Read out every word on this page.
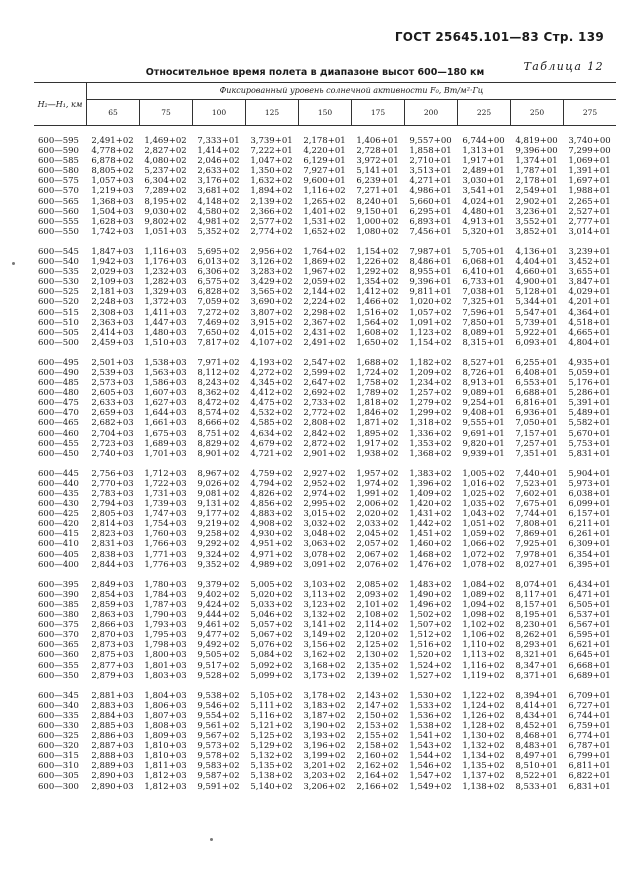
ГОСТ 25645.101—83 Стр. 139
Таблица 12
Относительное время полета в диапазоне высот 600—180 км
H₂—H₁, км
Фиксированный уровень солнечной активности F₀, Вт/м²·Гц
65	75	100	125	150	175	200	225	250	275
600—595	2,491+02	1,469+02	7,333+01	3,739+01	2,178+01	1,406+01	9,557+00	6,744+00	4,819+00	3,740+00
600—590	4,778+02	2,827+02	1,414+02	7,222+01	4,220+01	2,728+01	1,858+01	1,313+01	9,396+00	7,299+00
600—585	6,878+02	4,080+02	2,046+02	1,047+02	6,129+01	3,972+01	2,710+01	1,917+01	1,374+01	1,069+01
600—580	8,805+02	5,237+02	2,633+02	1,350+02	7,927+01	5,141+01	3,513+01	2,489+01	1,787+01	1,391+01
600—575	1,057+03	6,304+02	3,176+02	1,632+02	9,600+01	6,239+01	4,271+01	3,030+01	2,178+01	1,697+01
600—570	1,219+03	7,289+02	3,681+02	1,894+02	1,116+02	7,271+01	4,986+01	3,541+01	2,549+01	1,988+01
600—565	1,368+03	8,195+02	4,148+02	2,139+02	1,265+02	8,240+01	5,660+01	4,024+01	2,902+01	2,265+01
600—560	1,504+03	9,030+02	4,580+02	2,366+02	1,401+02	9,150+01	6,295+01	4,480+01	3,236+01	2,527+01
600—555	1,628+03	9,802+02	4,981+02	2,577+02	1,531+02	1,000+02	6,893+01	4,913+01	3,552+01	2,777+01
600—550	1,742+03	1,051+03	5,352+02	2,774+02	1,652+02	1,080+02	7,456+01	5,320+01	3,852+01	3,014+01
600—545	1,847+03	1,116+03	5,695+02	2,956+02	1,764+02	1,154+02	7,987+01	5,705+01	4,136+01	3,239+01
600—540	1,942+03	1,176+03	6,013+02	3,126+02	1,869+02	1,226+02	8,486+01	6,068+01	4,404+01	3,452+01
600—535	2,029+03	1,232+03	6,306+02	3,283+02	1,967+02	1,292+02	8,955+01	6,410+01	4,660+01	3,655+01
600—530	2,109+03	1,282+03	6,575+02	3,429+02	2,059+02	1,354+02	9,396+01	6,733+01	4,900+01	3,847+01
600—525	2,181+03	1,329+03	6,828+02	3,565+02	2,144+02	1,412+02	9,811+01	7,038+01	5,128+01	4,029+01
600—520	2,248+03	1,372+03	7,059+02	3,690+02	2,224+02	1,466+02	1,020+02	7,325+01	5,344+01	4,201+01
600—515	2,308+03	1,411+03	7,272+02	3,807+02	2,298+02	1,516+02	1,057+02	7,596+01	5,547+01	4,364+01
600—510	2,363+03	1,447+03	7,469+02	3,915+02	2,367+02	1,564+02	1,091+02	7,850+01	5,739+01	4,518+01
600—505	2,414+03	1,480+03	7,650+02	4,015+02	2,431+02	1,608+02	1,123+02	8,089+01	5,922+01	4,665+01
600—500	2,459+03	1,510+03	7,817+02	4,107+02	2,491+02	1,650+02	1,154+02	8,315+01	6,093+01	4,804+01
600—495	2,501+03	1,538+03	7,971+02	4,193+02	2,547+02	1,688+02	1,182+02	8,527+01	6,255+01	4,935+01
600—490	2,539+03	1,563+03	8,112+02	4,272+02	2,599+02	1,724+02	1,209+02	8,726+01	6,408+01	5,059+01
600—485	2,573+03	1,586+03	8,243+02	4,345+02	2,647+02	1,758+02	1,234+02	8,913+01	6,553+01	5,176+01
600—480	2,605+03	1,607+03	8,362+02	4,412+02	2,692+02	1,789+02	1,257+02	9,089+01	6,688+01	5,286+01
600—475	2,633+03	1,627+03	8,472+02	4,475+02	2,733+02	1,818+02	1,279+02	9,254+01	6,816+01	5,391+01
600—470	2,659+03	1,644+03	8,574+02	4,532+02	2,772+02	1,846+02	1,299+02	9,408+01	6,936+01	5,489+01
600—465	2,682+03	1,661+03	8,666+02	4,585+02	2,808+02	1,871+02	1,318+02	9,555+01	7,050+01	5,582+01
600—460	2,704+03	1,675+03	8,751+02	4,634+02	2,842+02	1,895+02	1,336+02	9,691+01	7,157+01	5,670+01
600—455	2,723+03	1,689+03	8,829+02	4,679+02	2,872+02	1,917+02	1,353+02	9,820+01	7,257+01	5,753+01
600—450	2,740+03	1,701+03	8,901+02	4,721+02	2,901+02	1,938+02	1,368+02	9,939+01	7,351+01	5,831+01
600—445	2,756+03	1,712+03	8,967+02	4,759+02	2,927+02	1,957+02	1,383+02	1,005+02	7,440+01	5,904+01
600—440	2,770+03	1,722+03	9,026+02	4,794+02	2,952+02	1,974+02	1,396+02	1,016+02	7,523+01	5,973+01
600—435	2,783+03	1,731+03	9,081+02	4,826+02	2,974+02	1,991+02	1,409+02	1,025+02	7,602+01	6,038+01
600—430	2,794+03	1,739+03	9,131+02	4,856+02	2,995+02	2,006+02	1,420+02	1,035+02	7,675+01	6,099+01
600—425	2,805+03	1,747+03	9,177+02	4,883+02	3,015+02	2,020+02	1,431+02	1,043+02	7,744+01	6,157+01
600—420	2,814+03	1,754+03	9,219+02	4,908+02	3,032+02	2,033+02	1,442+02	1,051+02	7,808+01	6,211+01
600—415	2,823+03	1,760+03	9,258+02	4,930+02	3,048+02	2,045+02	1,451+02	1,059+02	7,869+01	6,261+01
600—410	2,831+03	1,766+03	9,292+02	4,951+02	3,063+02	2,057+02	1,460+02	1,066+02	7,925+01	6,309+01
600—405	2,838+03	1,771+03	9,324+02	4,971+02	3,078+02	2,067+02	1,468+02	1,072+02	7,978+01	6,354+01
600—400	2,844+03	1,776+03	9,352+02	4,989+02	3,091+02	2,076+02	1,476+02	1,078+02	8,027+01	6,395+01
600—395	2,849+03	1,780+03	9,379+02	5,005+02	3,103+02	2,085+02	1,483+02	1,084+02	8,074+01	6,434+01
600—390	2,854+03	1,784+03	9,402+02	5,020+02	3,113+02	2,093+02	1,490+02	1,089+02	8,117+01	6,471+01
600—385	2,859+03	1,787+03	9,424+02	5,033+02	3,123+02	2,101+02	1,496+02	1,094+02	8,157+01	6,505+01
600—380	2,863+03	1,790+03	9,444+02	5,046+02	3,132+02	2,108+02	1,502+02	1,098+02	8,195+01	6,537+01
600—375	2,866+03	1,793+03	9,461+02	5,057+02	3,141+02	2,114+02	1,507+02	1,102+02	8,230+01	6,567+01
600—370	2,870+03	1,795+03	9,477+02	5,067+02	3,149+02	2,120+02	1,512+02	1,106+02	8,262+01	6,595+01
600—365	2,873+03	1,798+03	9,492+02	5,076+02	3,156+02	2,125+02	1,516+02	1,110+02	8,293+01	6,621+01
600—360	2,875+03	1,800+03	9,505+02	5,084+02	3,162+02	2,130+02	1,520+02	1,113+02	8,321+01	6,645+01
600—355	2,877+03	1,801+03	9,517+02	5,092+02	3,168+02	2,135+02	1,524+02	1,116+02	8,347+01	6,668+01
600—350	2,879+03	1,803+03	9,528+02	5,099+02	3,173+02	2,139+02	1,527+02	1,119+02	8,371+01	6,689+01
600—345	2,881+03	1,804+03	9,538+02	5,105+02	3,178+02	2,143+02	1,530+02	1,122+02	8,394+01	6,709+01
600—340	2,883+03	1,806+03	9,546+02	5,111+02	3,183+02	2,147+02	1,533+02	1,124+02	8,414+01	6,727+01
600—335	2,884+03	1,807+03	9,554+02	5,116+02	3,187+02	2,150+02	1,536+02	1,126+02	8,434+01	6,744+01
600—330	2,885+03	1,808+03	9,561+02	5,121+02	3,190+02	2,153+02	1,538+02	1,128+02	8,452+01	6,759+01
600—325	2,886+03	1,809+03	9,567+02	5,125+02	3,193+02	2,155+02	1,541+02	1,130+02	8,468+01	6,774+01
600—320	2,887+03	1,810+03	9,573+02	5,129+02	3,196+02	2,158+02	1,543+02	1,132+02	8,483+01	6,787+01
600—315	2,888+03	1,810+03	9,578+02	5,132+02	3,199+02	2,160+02	1,544+02	1,134+02	8,497+01	6,799+01
600—310	2,889+03	1,811+03	9,583+02	5,135+02	3,201+02	2,162+02	1,546+02	1,135+02	8,510+01	6,811+01
600—305	2,890+03	1,812+03	9,587+02	5,138+02	3,203+02	2,164+02	1,547+02	1,137+02	8,522+01	6,822+01
600—300	2,890+03	1,812+03	9,591+02	5,140+02	3,206+02	2,166+02	1,549+02	1,138+02	8,533+01	6,831+01
